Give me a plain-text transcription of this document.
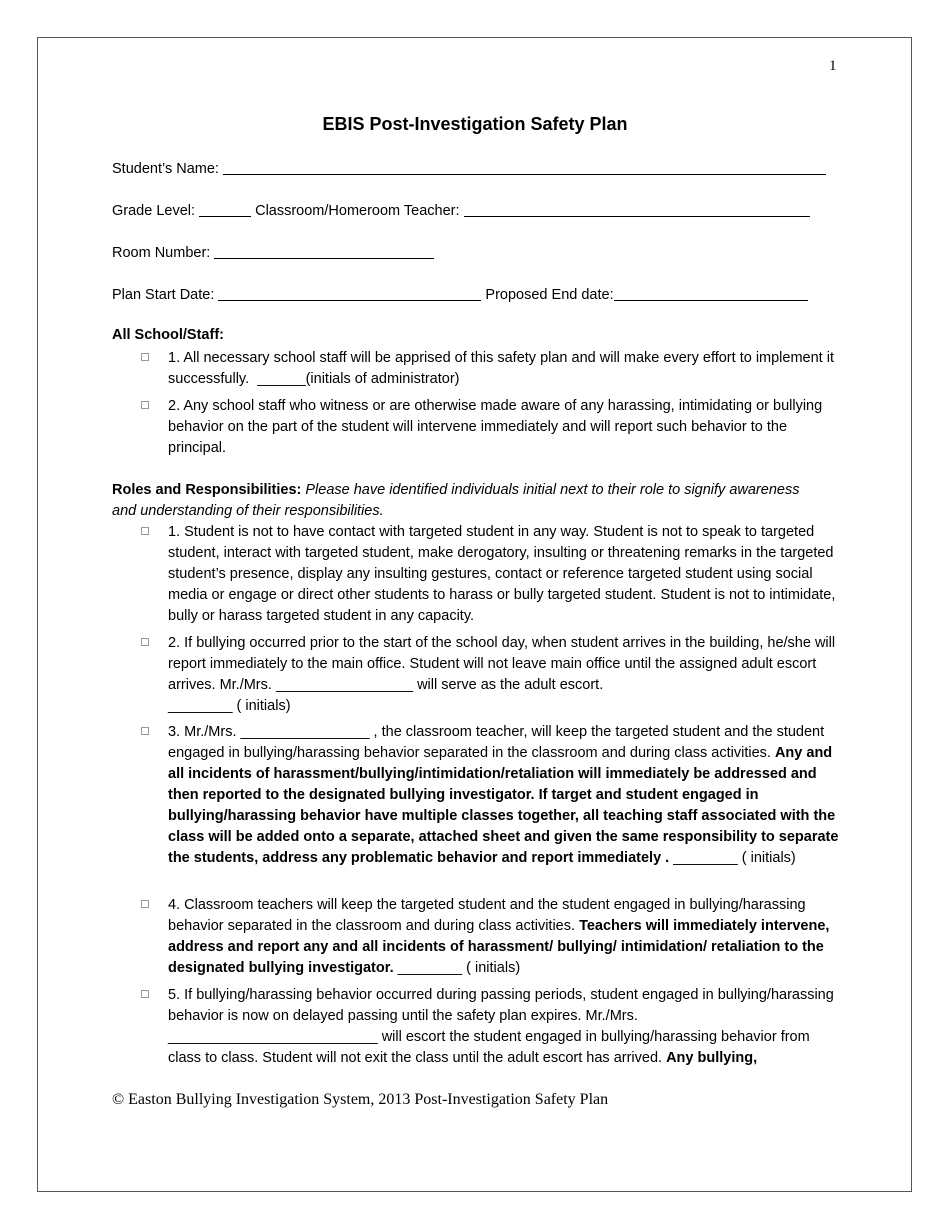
1
EBIS Post-Investigation Safety Plan
Student’s Name:
Grade Level:	Classroom/Homeroom Teacher:
Room Number:
Plan Start Date:	Proposed End date:
All School/Staff:
1. All necessary school staff will be apprised of this safety plan and will make every effort to implement it successfully. ______(initials of administrator)
2. Any school staff who witness or are otherwise made aware of any harassing, intimidating or bullying behavior on the part of the student will intervene immediately and will report such behavior to the principal.
Roles and Responsibilities: Please have identified individuals initial next to their role to signify awareness and understanding of their responsibilities.
1. Student is not to have contact with targeted student in any way. Student is not to speak to targeted student, interact with targeted student, make derogatory, insulting or threatening remarks in the targeted student’s presence, display any insulting gestures, contact or reference targeted student using social media or engage or direct other students to harass or bully targeted student. Student is not to intimidate, bully or harass targeted student in any capacity.
2. If bullying occurred prior to the start of the school day, when student arrives in the building, he/she will report immediately to the main office. Student will not leave main office until the assigned adult escort arrives. Mr./Mrs. _________________ will serve as the adult escort.
________ ( initials)
3. Mr./Mrs. ________________ , the classroom teacher, will keep the targeted student and the student engaged in bullying/harassing behavior separated in the classroom and during class activities. Any and all incidents of harassment/bullying/intimidation/retaliation will immediately be addressed and then reported to the designated bullying investigator. If target and student engaged in bullying/harassing behavior have multiple classes together, all teaching staff associated with the class will be added onto a separate, attached sheet and given the same responsibility to separate the students, address any problematic behavior and report immediately . ________ ( initials)
4. Classroom teachers will keep the targeted student and the student engaged in bullying/harassing behavior separated in the classroom and during class activities. Teachers will immediately intervene, address and report any and all incidents of harassment/ bullying/ intimidation/ retaliation to the designated bullying investigator. ________ ( initials)
5. If bullying/harassing behavior occurred during passing periods, student engaged in bullying/harassing behavior is now on delayed passing until the safety plan expires. Mr./Mrs. __________________________ will escort the student engaged in bullying/harassing behavior from class to class. Student will not exit the class until the adult escort has arrived. Any bullying,
© Easton Bullying Investigation System, 2013 Post-Investigation Safety Plan
